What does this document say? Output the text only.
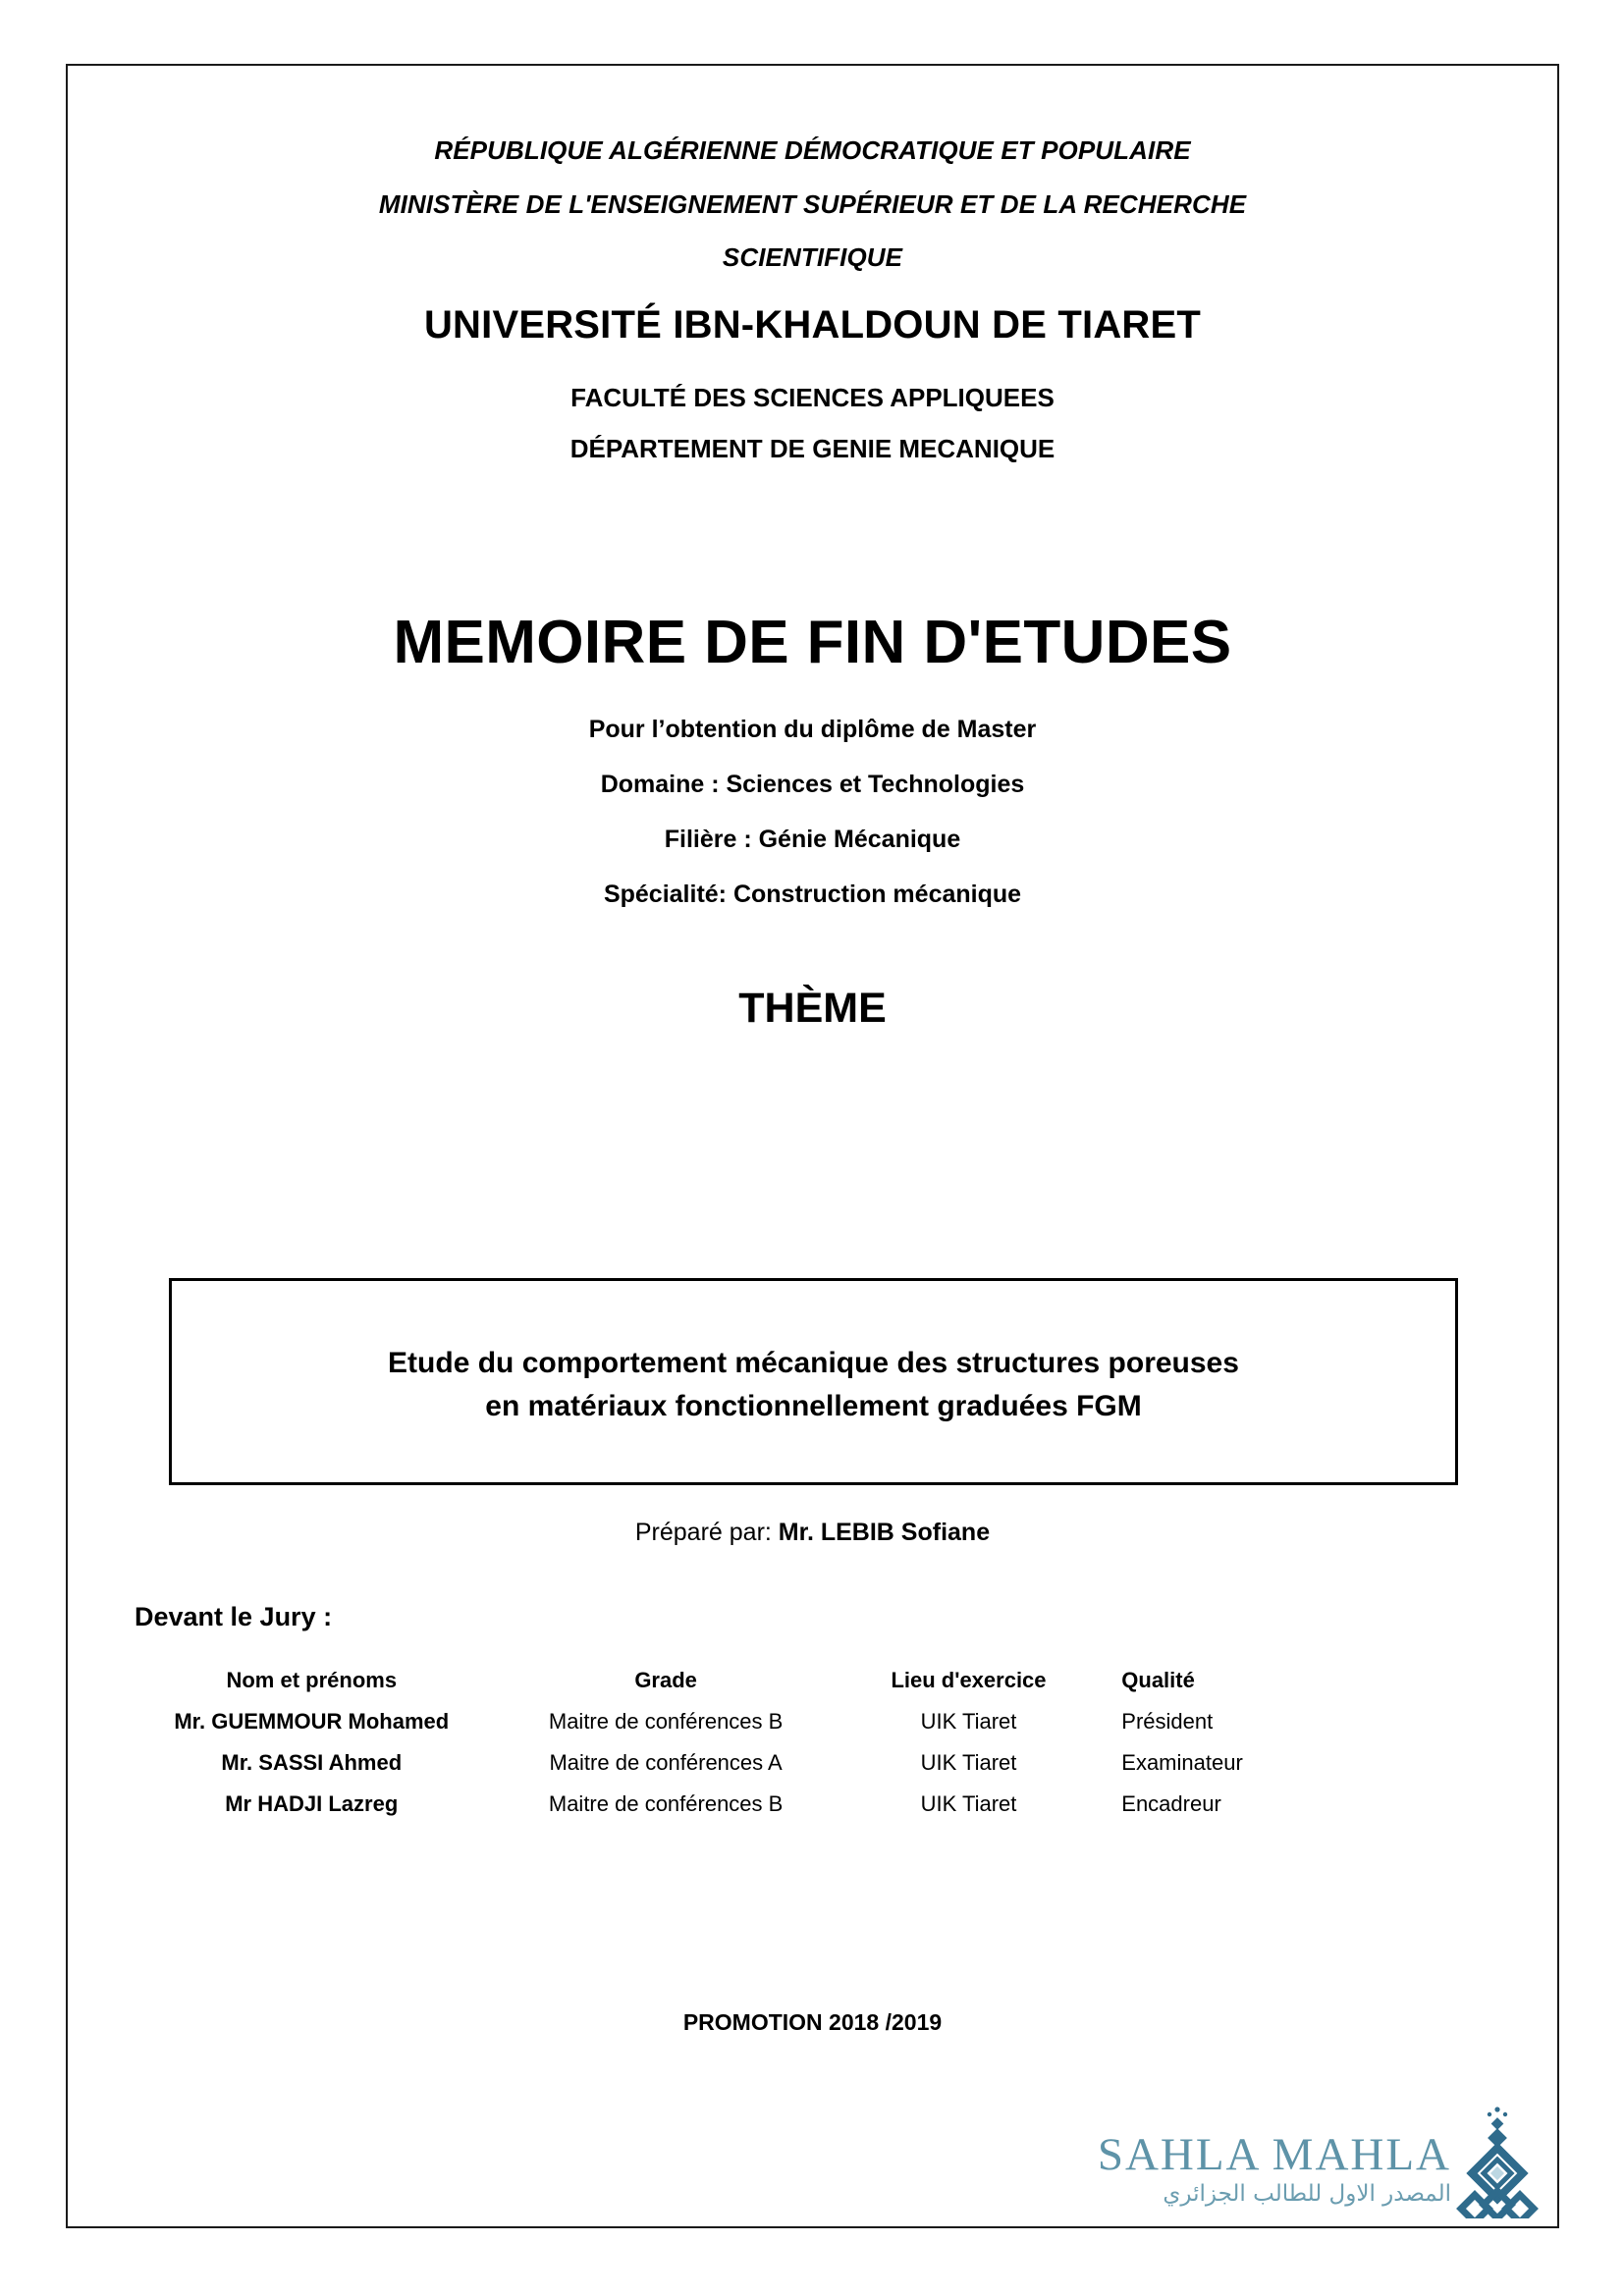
RÉPUBLIQUE ALGÉRIENNE DÉMOCRATIQUE ET POPULAIRE
MINISTÈRE DE L'ENSEIGNEMENT SUPÉRIEUR ET DE LA RECHERCHE
SCIENTIFIQUE
UNIVERSITÉ IBN-KHALDOUN DE TIARET
FACULTÉ DES SCIENCES APPLIQUEES
DÉPARTEMENT DE GENIE MECANIQUE
MEMOIRE DE FIN D'ETUDES
Pour l’obtention du diplôme de Master
Domaine : Sciences et Technologies
Filière : Génie Mécanique
Spécialité: Construction mécanique
THÈME
Etude du comportement mécanique des structures poreuses
en matériaux fonctionnellement graduées FGM
Préparé par: Mr. LEBIB Sofiane
Devant le Jury :
Nom et prénoms	Grade	Lieu d'exercice	Qualité
Mr. GUEMMOUR Mohamed	Maitre de conférences B	UIK Tiaret	Président
Mr. SASSI Ahmed	Maitre de conférences A	UIK Tiaret	Examinateur
Mr HADJI Lazreg	Maitre de conférences B	UIK Tiaret	Encadreur
PROMOTION 2018 /2019
SAHLA MAHLA
المصدر الاول للطالب الجزائري
